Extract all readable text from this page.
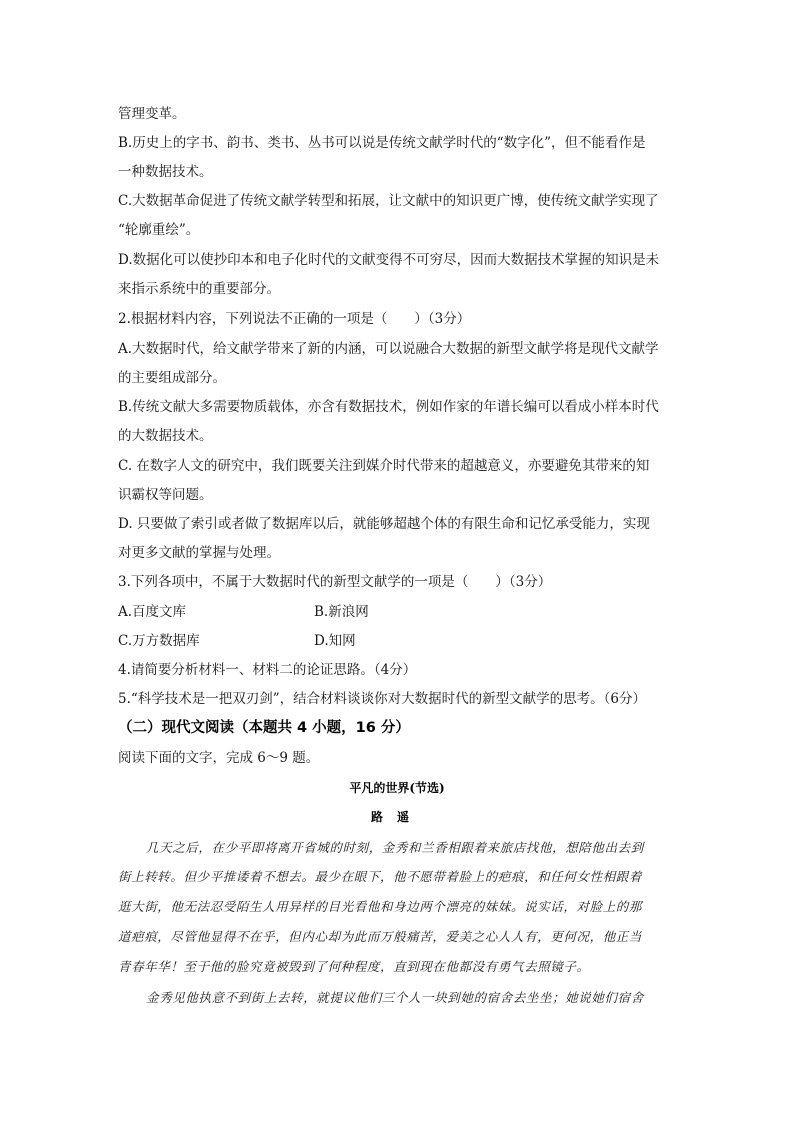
管理变革。
B.历史上的字书、韵书、类书、丛书可以说是传统文献学时代的“数字化”，但不能看作是
一种数据技术。
C.大数据革命促进了传统文献学转型和拓展，让文献中的知识更广博，使传统文献学实现了
“轮廓重绘”。
D.数据化可以使抄印本和电子化时代的文献变得不可穷尽，因而大数据技术掌握的知识是未
来指示系统中的重要部分。
2.根据材料内容，下列说法不正确的一项是（　　）（3分）
A.大数据时代，给文献学带来了新的内涵，可以说融合大数据的新型文献学将是现代文献学
的主要组成部分。
B.传统文献大多需要物质载体，亦含有数据技术，例如作家的年谱长编可以看成小样本时代
的大数据技术。
C. 在数字人文的研究中，我们既要关注到媒介时代带来的超越意义，亦要避免其带来的知
识霸权等问题。
D. 只要做了索引或者做了数据库以后，就能够超越个体的有限生命和记忆承受能力，实现
对更多文献的掌握与处理。
3.下列各项中，不属于大数据时代的新型文献学的一项是（　　）（3分）
A.百度文库	B.新浪网
C.万方数据库	D.知网
4.请简要分析材料一、材料二的论证思路。（4分）
5.“科学技术是一把双刃剑”，结合材料谈谈你对大数据时代的新型文献学的思考。（6分）
（二）现代文阅读（本题共 4 小题，16 分）
阅读下面的文字，完成 6～9 题。
平凡的世界(节选)
路遥
几天之后，在少平即将离开省城的时刻，金秀和兰香相跟着来旅店找他，想陪他出去到
街上转转。但少平推诿着不想去。最少在眼下，他不愿带着脸上的疤痕，和任何女性相跟着
逛大街，他无法忍受陌生人用异样的目光看他和身边两个漂亮的妹妹。说实话，对脸上的那
道疤痕，尽管他显得不在乎，但内心却为此而万般痛苦，爱美之心人人有，更何况，他正当
青春年华！至于他的脸究竟被毁到了何种程度，直到现在他都没有勇气去照镜子。
金秀见他执意不到街上去转，就提议他们三个人一块到她的宿舍去坐坐；她说她们宿舍
